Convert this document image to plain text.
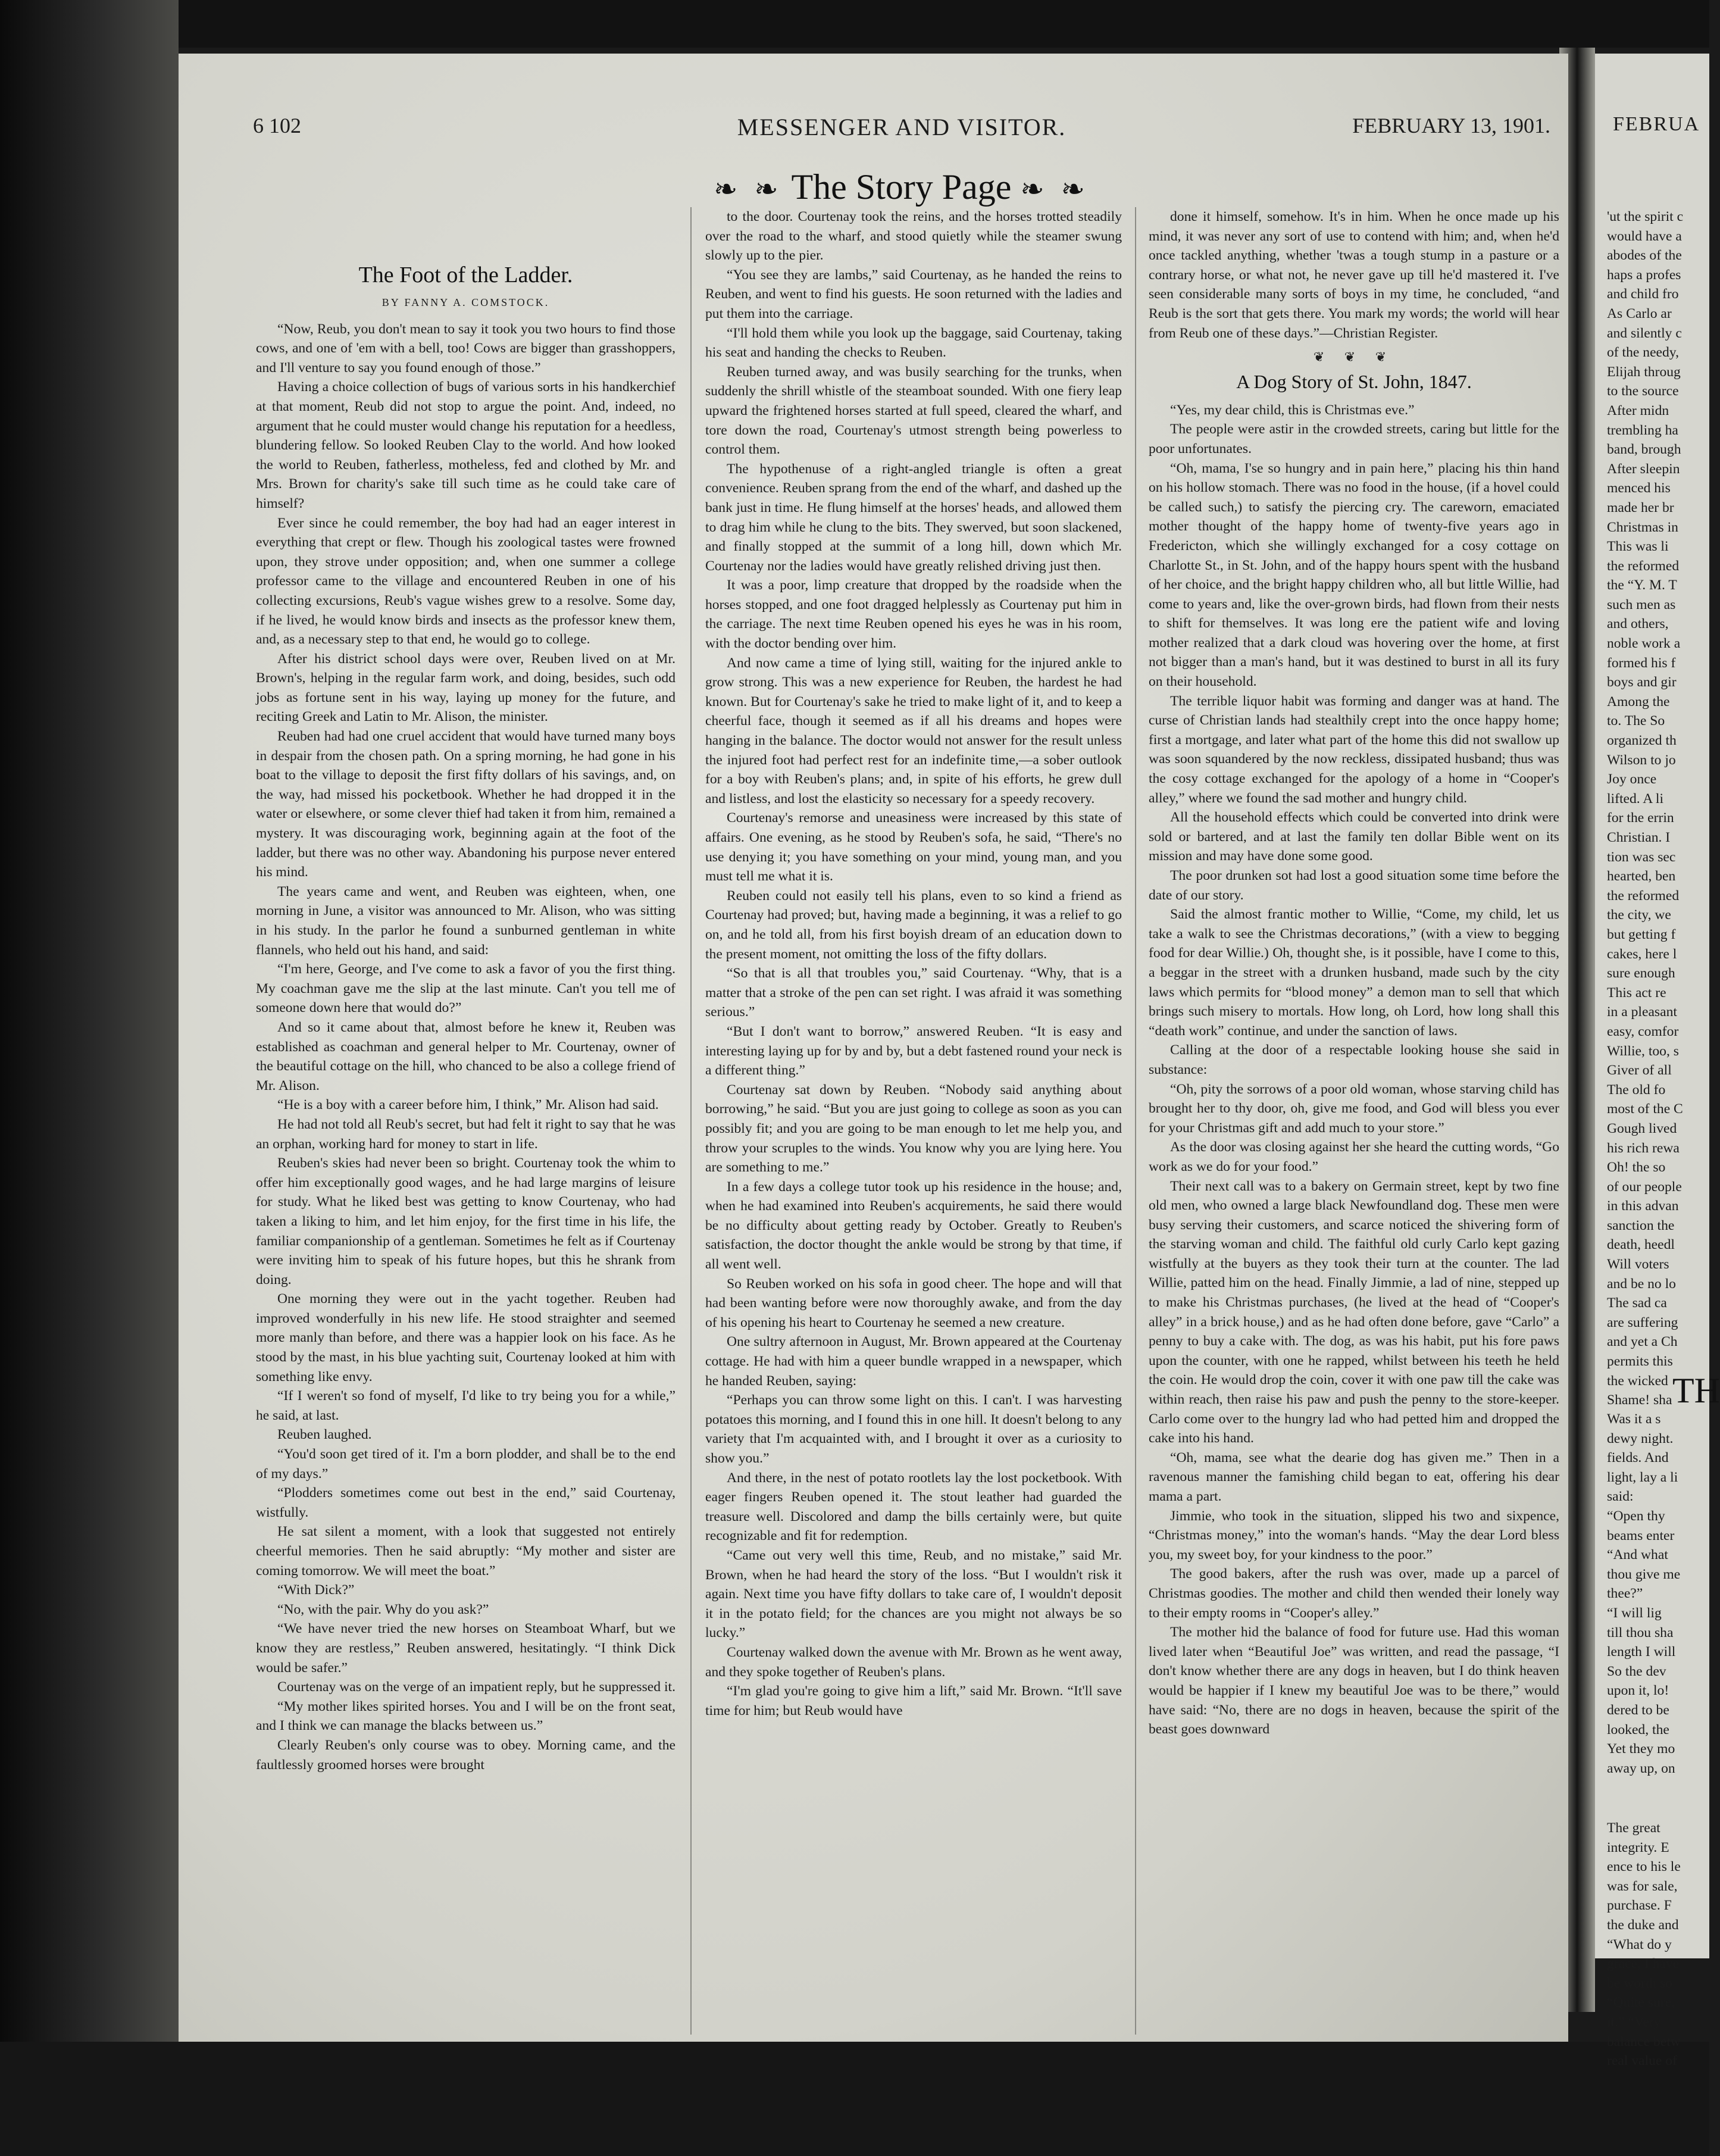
6 102	MESSENGER AND VISITOR.	FEBRUARY 13, 1901.
❧ ❧ The Story Page ❧ ❧
The Foot of the Ladder.
BY FANNY A. COMSTOCK.

“Now, Reub, you don't mean to say it took you two hours to find those cows, and one of 'em with a bell, too! Cows are bigger than grasshoppers, and I'll venture to say you found enough of those.”

Having a choice collection of bugs of various sorts in his handkerchief at that moment, Reub did not stop to argue the point. And, indeed, no argument that he could muster would change his reputation for a heedless, blundering fellow. So looked Reuben Clay to the world. And how looked the world to Reuben, fatherless, motheless, fed and clothed by Mr. and Mrs. Brown for charity's sake till such time as he could take care of himself?

Ever since he could remember, the boy had had an eager interest in everything that crept or flew. Though his zoological tastes were frowned upon, they strove under opposition; and, when one summer a college professor came to the village and encountered Reuben in one of his collecting excursions, Reub's vague wishes grew to a resolve. Some day, if he lived, he would know birds and insects as the professor knew them, and, as a necessary step to that end, he would go to college.

After his district school days were over, Reuben lived on at Mr. Brown's, helping in the regular farm work, and doing, besides, such odd jobs as fortune sent in his way, laying up money for the future, and reciting Greek and Latin to Mr. Alison, the minister.

Reuben had had one cruel accident that would have turned many boys in despair from the chosen path. On a spring morning, he had gone in his boat to the village to deposit the first fifty dollars of his savings, and, on the way, had missed his pocketbook. Whether he had dropped it in the water or elsewhere, or some clever thief had taken it from him, remained a mystery. It was discouraging work, beginning again at the foot of the ladder, but there was no other way. Abandoning his purpose never entered his mind.

The years came and went, and Reuben was eighteen, when, one morning in June, a visitor was announced to Mr. Alison, who was sitting in his study. In the parlor he found a sunburned gentleman in white flannels, who held out his hand, and said:

“I'm here, George, and I've come to ask a favor of you the first thing. My coachman gave me the slip at the last minute. Can't you tell me of someone down here that would do?”

And so it came about that, almost before he knew it, Reuben was established as coachman and general helper to Mr. Courtenay, owner of the beautiful cottage on the hill, who chanced to be also a college friend of Mr. Alison.

“He is a boy with a career before him, I think,” Mr. Alison had said.

He had not told all Reub's secret, but had felt it right to say that he was an orphan, working hard for money to start in life.

Reuben's skies had never been so bright. Courtenay took the whim to offer him exceptionally good wages, and he had large margins of leisure for study. What he liked best was getting to know Courtenay, who had taken a liking to him, and let him enjoy, for the first time in his life, the familiar companionship of a gentleman. Sometimes he felt as if Courtenay were inviting him to speak of his future hopes, but this he shrank from doing.

One morning they were out in the yacht together. Reuben had improved wonderfully in his new life. He stood straighter and seemed more manly than before, and there was a happier look on his face. As he stood by the mast, in his blue yachting suit, Courtenay looked at him with something like envy.

“If I weren't so fond of myself, I'd like to try being you for a while,” he said, at last.

Reuben laughed.

“You'd soon get tired of it. I'm a born plodder, and shall be to the end of my days.”

“Plodders sometimes come out best in the end,” said Courtenay, wistfully.

He sat silent a moment, with a look that suggested not entirely cheerful memories. Then he said abruptly: “My mother and sister are coming tomorrow. We will meet the boat.”

“With Dick?”

“No, with the pair. Why do you ask?”

“We have never tried the new horses on Steamboat Wharf, but we know they are restless,” Reuben answered, hesitatingly. “I think Dick would be safer.”

Courtenay was on the verge of an impatient reply, but he suppressed it.

“My mother likes spirited horses. You and I will be on the front seat, and I think we can manage the blacks between us.”

Clearly Reuben's only course was to obey. Morning came, and the faultlessly groomed horses were brought

to the door. Courtenay took the reins, and the horses trotted steadily over the road to the wharf, and stood quietly while the steamer swung slowly up to the pier.

“You see they are lambs,” said Courtenay, as he handed the reins to Reuben, and went to find his guests. He soon returned with the ladies and put them into the carriage.

“I'll hold them while you look up the baggage, said Courtenay, taking his seat and handing the checks to Reuben.

Reuben turned away, and was busily searching for the trunks, when suddenly the shrill whistle of the steamboat sounded. With one fiery leap upward the frightened horses started at full speed, cleared the wharf, and tore down the road, Courtenay's utmost strength being powerless to control them.

The hypothenuse of a right-angled triangle is often a great convenience. Reuben sprang from the end of the wharf, and dashed up the bank just in time. He flung himself at the horses' heads, and allowed them to drag him while he clung to the bits. They swerved, but soon slackened, and finally stopped at the summit of a long hill, down which Mr. Courtenay nor the ladies would have greatly relished driving just then.

It was a poor, limp creature that dropped by the roadside when the horses stopped, and one foot dragged helplessly as Courtenay put him in the carriage. The next time Reuben opened his eyes he was in his room, with the doctor bending over him.

And now came a time of lying still, waiting for the injured ankle to grow strong. This was a new experience for Reuben, the hardest he had known. But for Courtenay's sake he tried to make light of it, and to keep a cheerful face, though it seemed as if all his dreams and hopes were hanging in the balance. The doctor would not answer for the result unless the injured foot had perfect rest for an indefinite time,—a sober outlook for a boy with Reuben's plans; and, in spite of his efforts, he grew dull and listless, and lost the elasticity so necessary for a speedy recovery.

Courtenay's remorse and uneasiness were increased by this state of affairs. One evening, as he stood by Reuben's sofa, he said, “There's no use denying it; you have something on your mind, young man, and you must tell me what it is.

Reuben could not easily tell his plans, even to so kind a friend as Courtenay had proved; but, having made a beginning, it was a relief to go on, and he told all, from his first boyish dream of an education down to the present moment, not omitting the loss of the fifty dollars.

“So that is all that troubles you,” said Courtenay. “Why, that is a matter that a stroke of the pen can set right. I was afraid it was something serious.”

“But I don't want to borrow,” answered Reuben. “It is easy and interesting laying up for by and by, but a debt fastened round your neck is a different thing.”

Courtenay sat down by Reuben. “Nobody said anything about borrowing,” he said. “But you are just going to college as soon as you can possibly fit; and you are going to be man enough to let me help you, and throw your scruples to the winds. You know why you are lying here. You are something to me.”

In a few days a college tutor took up his residence in the house; and, when he had examined into Reuben's acquirements, he said there would be no difficulty about getting ready by October. Greatly to Reuben's satisfaction, the doctor thought the ankle would be strong by that time, if all went well.

So Reuben worked on his sofa in good cheer. The hope and will that had been wanting before were now thoroughly awake, and from the day of his opening his heart to Courtenay he seemed a new creature.

One sultry afternoon in August, Mr. Brown appeared at the Courtenay cottage. He had with him a queer bundle wrapped in a newspaper, which he handed Reuben, saying:

“Perhaps you can throw some light on this. I can't. I was harvesting potatoes this morning, and I found this in one hill. It doesn't belong to any variety that I'm acquainted with, and I brought it over as a curiosity to show you.”

And there, in the nest of potato rootlets lay the lost pocketbook. With eager fingers Reuben opened it. The stout leather had guarded the treasure well. Discolored and damp the bills certainly were, but quite recognizable and fit for redemption.

“Came out very well this time, Reub, and no mistake,” said Mr. Brown, when he had heard the story of the loss. “But I wouldn't risk it again. Next time you have fifty dollars to take care of, I wouldn't deposit it in the potato field; for the chances are you might not always be so lucky.”

Courtenay walked down the avenue with Mr. Brown as he went away, and they spoke together of Reuben's plans.

“I'm glad you're going to give him a lift,” said Mr. Brown. “It'll save time for him; but Reub would have

done it himself, somehow. It's in him. When he once made up his mind, it was never any sort of use to contend with him; and, when he'd once tackled anything, whether 'twas a tough stump in a pasture or a contrary horse, or what not, he never gave up till he'd mastered it. I've seen considerable many sorts of boys in my time, he concluded, “and Reub is the sort that gets there. You mark my words; the world will hear from Reub one of these days.”—Christian Register.

❦ ❦ ❦
A Dog Story of St. John, 1847.

“Yes, my dear child, this is Christmas eve.”

The people were astir in the crowded streets, caring but little for the poor unfortunates.

“Oh, mama, I'se so hungry and in pain here,” placing his thin hand on his hollow stomach. There was no food in the house, (if a hovel could be called such,) to satisfy the piercing cry. The careworn, emaciated mother thought of the happy home of twenty-five years ago in Fredericton, which she willingly exchanged for a cosy cottage on Charlotte St., in St. John, and of the happy hours spent with the husband of her choice, and the bright happy children who, all but little Willie, had come to years and, like the over-grown birds, had flown from their nests to shift for themselves. It was long ere the patient wife and loving mother realized that a dark cloud was hovering over the home, at first not bigger than a man's hand, but it was destined to burst in all its fury on their household.

The terrible liquor habit was forming and danger was at hand. The curse of Christian lands had stealthily crept into the once happy home; first a mortgage, and later what part of the home this did not swallow up was soon squandered by the now reckless, dissipated husband; thus was the cosy cottage exchanged for the apology of a home in “Cooper's alley,” where we found the sad mother and hungry child.

All the household effects which could be converted into drink were sold or bartered, and at last the family ten dollar Bible went on its mission and may have done some good.

The poor drunken sot had lost a good situation some time before the date of our story.

Said the almost frantic mother to Willie, “Come, my child, let us take a walk to see the Christmas decorations,” (with a view to begging food for dear Willie.) Oh, thought she, is it possible, have I come to this, a beggar in the street with a drunken husband, made such by the city laws which permits for “blood money” a demon man to sell that which brings such misery to mortals. How long, oh Lord, how long shall this “death work” continue, and under the sanction of laws.

Calling at the door of a respectable looking house she said in substance:

“Oh, pity the sorrows of a poor old woman, whose starving child has brought her to thy door, oh, give me food, and God will bless you ever for your Christmas gift and add much to your store.”

As the door was closing against her she heard the cutting words, “Go work as we do for your food.”

Their next call was to a bakery on Germain street, kept by two fine old men, who owned a large black Newfoundland dog. These men were busy serving their customers, and scarce noticed the shivering form of the starving woman and child. The faithful old curly Carlo kept gazing wistfully at the buyers as they took their turn at the counter. The lad Willie, patted him on the head. Finally Jimmie, a lad of nine, stepped up to make his Christmas purchases, (he lived at the head of “Cooper's alley” in a brick house,) and as he had often done before, gave “Carlo” a penny to buy a cake with. The dog, as was his habit, put his fore paws upon the counter, with one he rapped, whilst between his teeth he held the coin. He would drop the coin, cover it with one paw till the cake was within reach, then raise his paw and push the penny to the store-keeper. Carlo come over to the hungry lad who had petted him and dropped the cake into his hand.

“Oh, mama, see what the dearie dog has given me.” Then in a ravenous manner the famishing child began to eat, offering his dear mama a part.

Jimmie, who took in the situation, slipped his two and sixpence, “Christmas money,” into the woman's hands. “May the dear Lord bless you, my sweet boy, for your kindness to the poor.”

The good bakers, after the rush was over, made up a parcel of Christmas goodies. The mother and child then wended their lonely way to their empty rooms in “Cooper's alley.”

The mother hid the balance of food for future use. Had this woman lived later when “Beautiful Joe” was written, and read the passage, “I don't know whether there are any dogs in heaven, but I do think heaven would be happier if I knew my beautiful Joe was to be there,” would have said: “No, there are no dogs in heaven, because the spirit of the beast goes downward

FEBRUA
'ut the spirit c
would have a
abodes of the
haps a profes
and child fro
As Carlo ar
and silently c
of the needy,
Elijah throug
to the source
After midn
trembling ha
band, brough
After sleepin
menced his
made her br
Christmas in
This was li
the reformed
the “Y. M. T
such men as
and others,
noble work a
formed his f
boys and gir
Among the
to. The So
organized th
Wilson to jo
Joy once
lifted. A li
for the errin
Christian. I
tion was sec
hearted, ben
the reformed
the city, we
but getting f
cakes, here l
sure enough
This act re
in a pleasant
easy, comfor
Willie, too, s
Giver of all
The old fo
most of the C
Gough lived
his rich rewa
Oh! the so
of our people
in this advan
sanction the
death, heedl
Will voters
and be no lo
The sad ca
are suffering
and yet a Ch
permits this
the wicked
Shame! sha TH
Was it a s
dewy night.
fields. And
light, lay a li
said:
“Open thy
beams enter
“And what
thou give me
thee?”
“I will lig
till thou sha
length I will
So the dev
upon it, lo!
dered to be
looked, the
Yet they mo
away up, on
The great
integrity. E
ence to his le
was for sale,
purchase. F
the duke and
“What do y
grace, I have
be worth so
“Quite sure,
it.” “Very
balance betw
real value of
